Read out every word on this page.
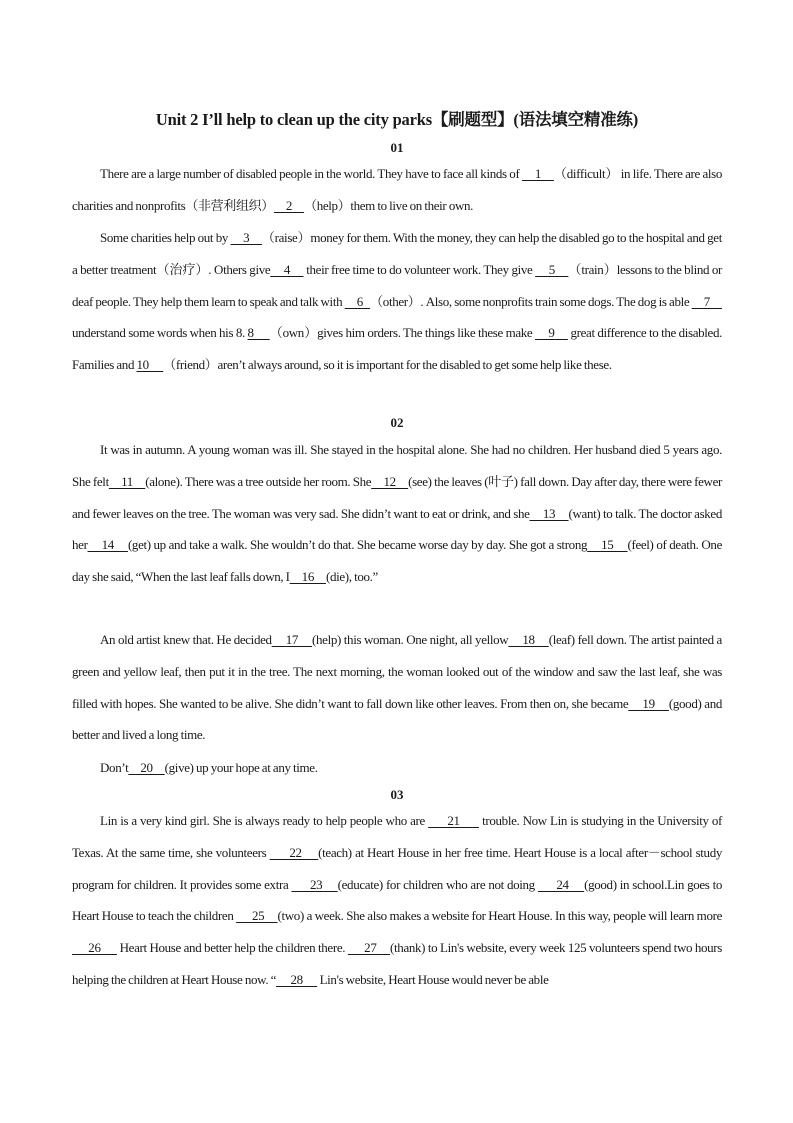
Unit 2 I’ll help to clean up the city parks【刷题型】(语法填空精准练)
01
There are a large number of disabled people in the world. They have to face all kinds of      1     （difficult） in life. There are also charities and nonprofits（非营利组织）     2     （help）them to live on their own.
Some charities help out by      3     （raise）money for them. With the money, they can help the disabled go to the hospital and get a better treatment（治疗）. Others give     4      their free time to do volunteer work. They give      5     （train）lessons to the blind or deaf people. They help them learn to speak and talk with      6   （other）. Also, some nonprofits train some dogs. The dog is able      7      understand some words when his 8. 8      （own）gives him orders. The things like these make      9      great difference to the disabled. Families and 10      （friend）aren’t always around, so it is important for the disabled to get some help like these.
02
It was in autumn. A young woman was ill. She stayed in the hospital alone. She had no children. Her husband died 5 years ago. She felt     11     (alone). There was a tree outside her room. She     12     (see) the leaves (叶子) fall down. Day after day, there were fewer and fewer leaves on the tree. The woman was very sad. She didn’t want to eat or drink, and she     13     (want) to talk. The doctor asked her     14     (get) up and take a walk. She wouldn’t do that. She became worse day by day. She got a strong     15     (feel) of death. One day she said, “When the last leaf falls down, I     16     (die), too.”
An old artist knew that. He decided     17     (help) this woman. One night, all yellow     18     (leaf) fell down. The artist painted a green and yellow leaf, then put it in the tree. The next morning, the woman looked out of the window and saw the last leaf, she was filled with hopes. She wanted to be alive. She didn’t want to fall down like other leaves. From then on, she became     19     (good) and better and lived a long time.
Don’t     20     (give) up your hope at any time.
03
Lin is a very kind girl. She is always ready to help people who are       21       trouble. Now Lin is studying in the University of Texas. At the same time, she volunteers       22     (teach) at Heart House in her free time. Heart House is a local after－school study program for children. It provides some extra       23     (educate) for children who are not doing       24     (good) in school.Lin goes to Heart House to teach the children       25     (two) a week. She also makes a website for Heart House. In this way, people will learn more       26       Heart House and better help the children there.       27     (thank) to Lin's website, every week 125 volunteers spend two hours helping the children at Heart House now. “      28       Lin's website, Heart House would never be able
